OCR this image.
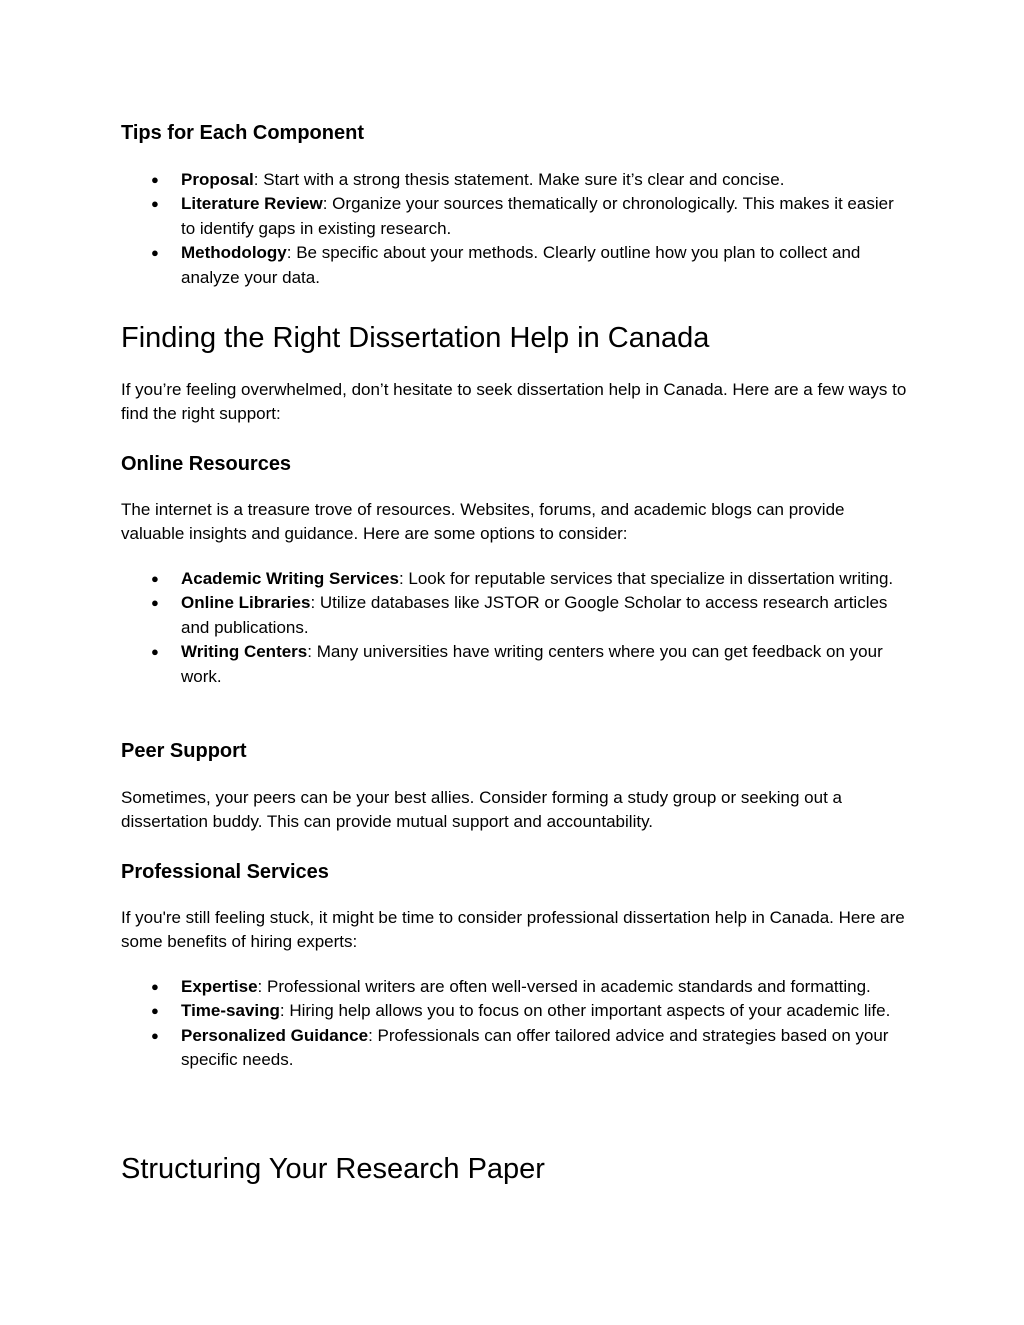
Tips for Each Component
● Proposal: Start with a strong thesis statement. Make sure it’s clear and concise.
● Literature Review: Organize your sources thematically or chronologically. This makes it easier to identify gaps in existing research.
● Methodology: Be specific about your methods. Clearly outline how you plan to collect and analyze your data.
Finding the Right Dissertation Help in Canada

If you’re feeling overwhelmed, don’t hesitate to seek dissertation help in Canada. Here are a few ways to find the right support:

Online Resources

The internet is a treasure trove of resources. Websites, forums, and academic blogs can provide valuable insights and guidance. Here are some options to consider:

● Academic Writing Services: Look for reputable services that specialize in dissertation writing.
● Online Libraries: Utilize databases like JSTOR or Google Scholar to access research articles and publications.
● Writing Centers: Many universities have writing centers where you can get feedback on your work.
Peer Support

Sometimes, your peers can be your best allies. Consider forming a study group or seeking out a dissertation buddy. This can provide mutual support and accountability.

Professional Services

If you're still feeling stuck, it might be time to consider professional dissertation help in Canada. Here are some benefits of hiring experts:

● Expertise: Professional writers are often well-versed in academic standards and formatting.
● Time-saving: Hiring help allows you to focus on other important aspects of your academic life.
● Personalized Guidance: Professionals can offer tailored advice and strategies based on your specific needs.
Structuring Your Research Paper
